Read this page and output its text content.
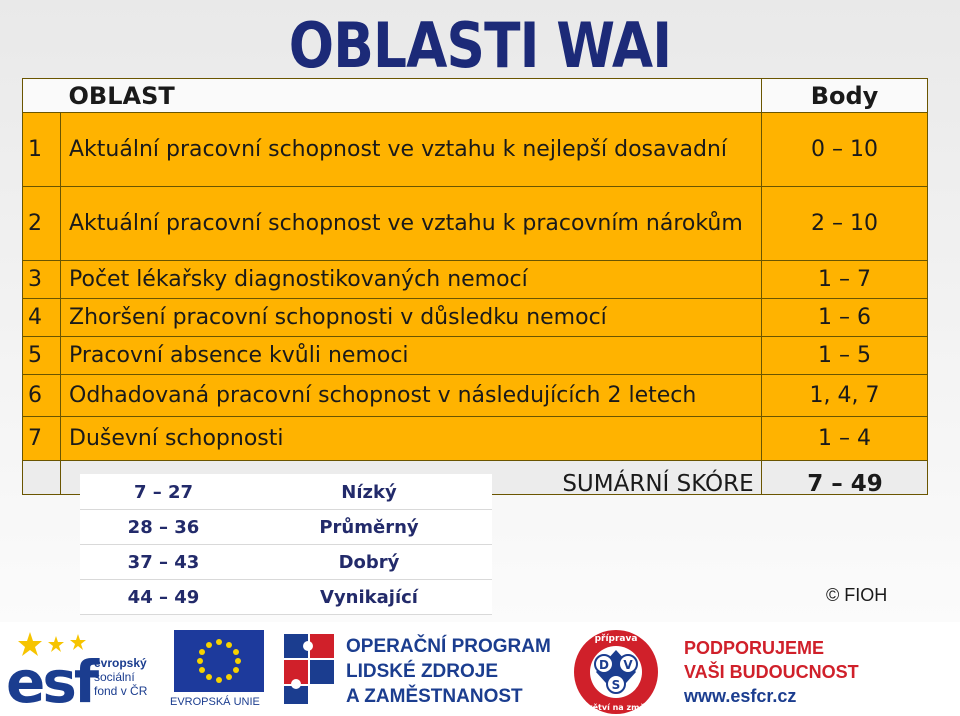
OBLASTI WAI
	OBLAST	Body
1	Aktuální pracovní schopnost ve vztahu k nejlepší dosavadní	0 – 10
2	Aktuální pracovní schopnost ve vztahu k pracovním nárokům	2 – 10
3	Počet lékařsky diagnostikovaných nemocí	1 – 7
4	Zhoršení pracovní schopnosti v důsledku nemocí	1 – 6
5	Pracovní absence kvůli nemoci	1 – 5
6	Odhadovaná pracovní schopnost v následujících 2 letech	1, 4, 7
7	Duševní schopnosti	1 – 4

SUMÁRNÍ SKÓRE	7 – 49
7 – 27	Nízký
28 – 36	Průměrný
37 – 43	Dobrý
44 – 49	Vynikající	© FIOH
esf
evropský
sociální
fond v ČR
EVROPSKÁ UNIE
OPERAČNÍ PROGRAM
LIDSKÉ ZDROJE
A ZAMĚSTNANOST
D V
S
příprava
odvětví na změny
PODPORUJEME
VAŠI BUDOUCNOST
www.esfcr.cz
